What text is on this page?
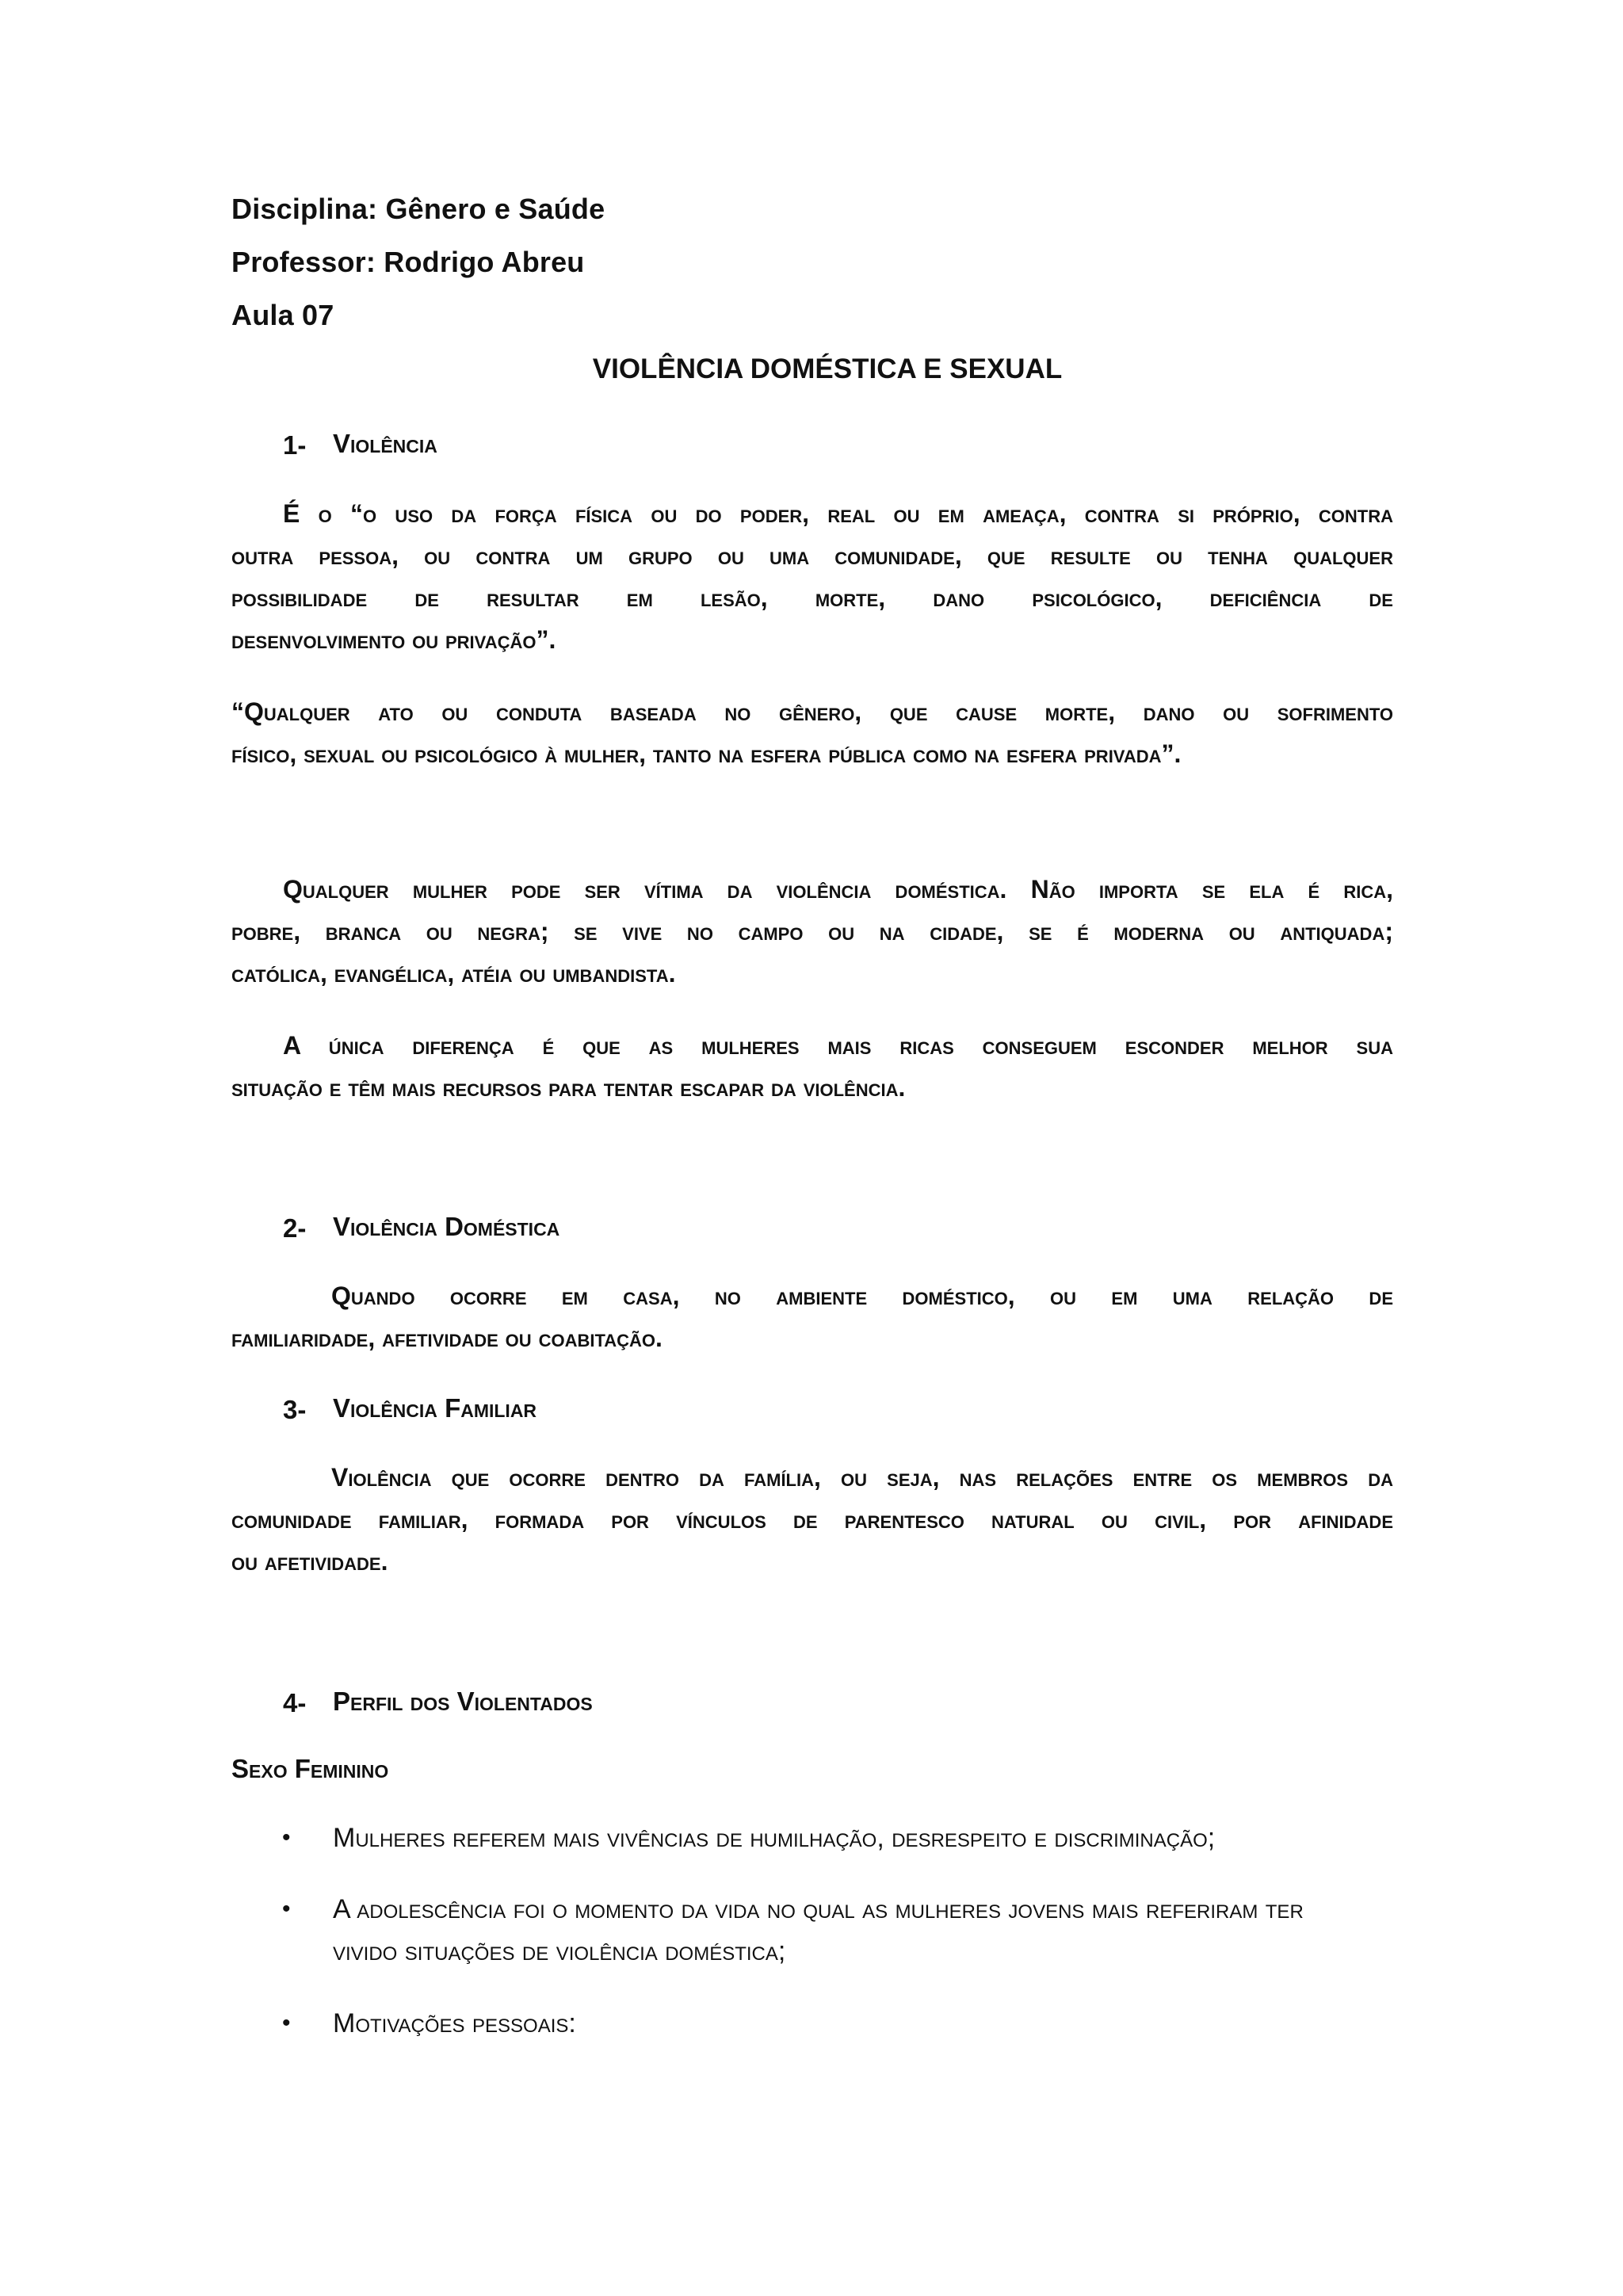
Disciplina: Gênero e Saúde
Professor: Rodrigo Abreu
Aula 07
VIOLÊNCIA DOMÉSTICA E SEXUAL
1- Violência
É o “o uso da força física ou do poder, real ou em ameaça, contra si próprio, contra
outra pessoa, ou contra um grupo ou uma comunidade, que resulte ou tenha qualquer
possibilidade de resultar em lesão, morte, dano psicológico, deficiência de
desenvolvimento ou privação”.
“Qualquer ato ou conduta baseada no gênero, que cause morte, dano ou sofrimento
físico, sexual ou psicológico à mulher, tanto na esfera pública como na esfera privada”.
Qualquer mulher pode ser vítima da violência doméstica. Não importa se ela é rica,
pobre, branca ou negra; se vive no campo ou na cidade, se é moderna ou antiquada;
católica, evangélica, atéia ou umbandista.
A única diferença é que as mulheres mais ricas conseguem esconder melhor sua
situação e têm mais recursos para tentar escapar da violência.
2- Violência Doméstica
Quando ocorre em casa, no ambiente doméstico, ou em uma relação de
familiaridade, afetividade ou coabitação.
3- Violência Familiar
Violência que ocorre dentro da família, ou seja, nas relações entre os membros da
comunidade familiar, formada por vínculos de parentesco natural ou civil, por afinidade
ou afetividade.
4- Perfil dos Violentados
Sexo Feminino
• Mulheres referem mais vivências de humilhação, desrespeito e discriminação;
• A adolescência foi o momento da vida no qual as mulheres jovens mais referiram ter
vivido situações de violência doméstica;
• Motivações pessoais:
